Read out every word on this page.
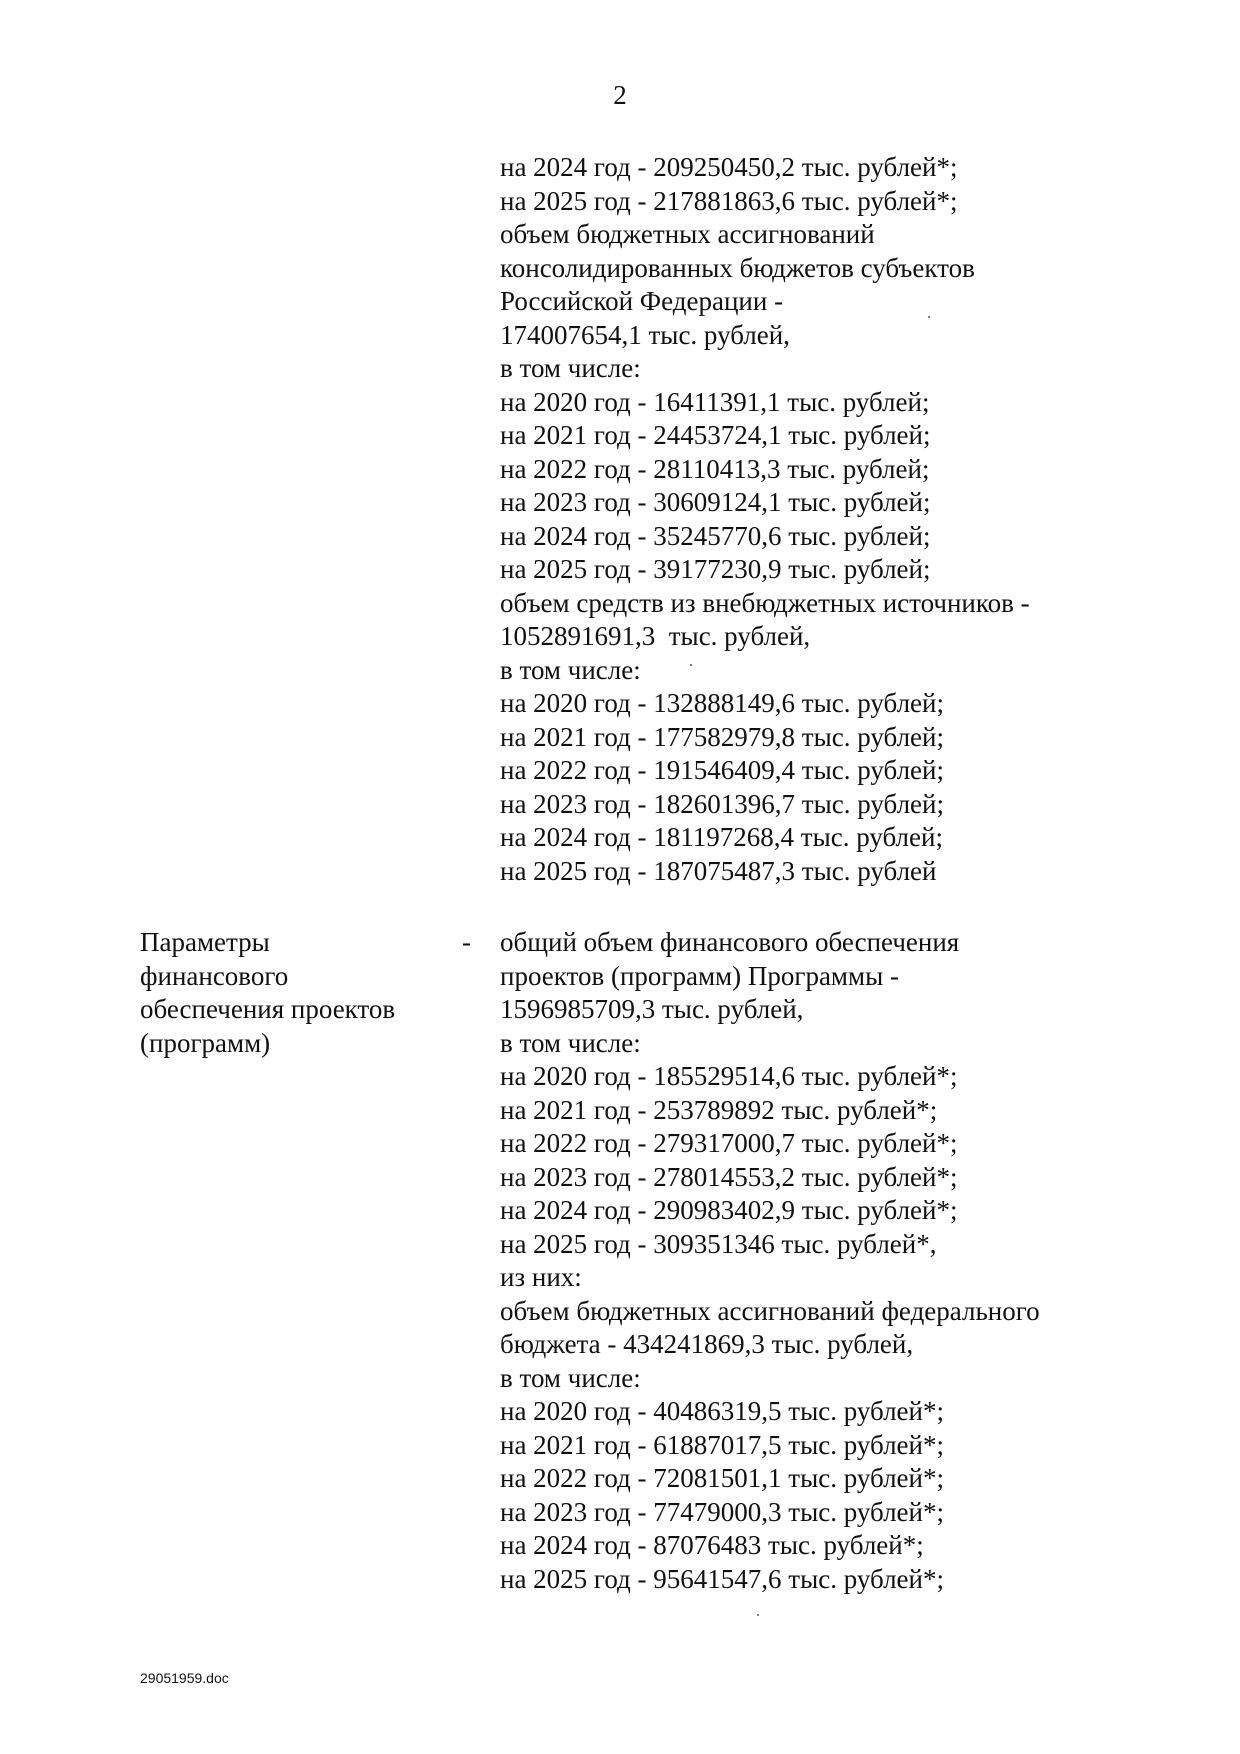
2
на 2024 год - 209250450,2 тыс. рублей*;
на 2025 год - 217881863,6 тыс. рублей*;
объем бюджетных ассигнований
консолидированных бюджетов субъектов
Российской Федерации -
174007654,1 тыс. рублей,
в том числе:
на 2020 год - 16411391,1 тыс. рублей;
на 2021 год - 24453724,1 тыс. рублей;
на 2022 год - 28110413,3 тыс. рублей;
на 2023 год - 30609124,1 тыс. рублей;
на 2024 год - 35245770,6 тыс. рублей;
на 2025 год - 39177230,9 тыс. рублей;
объем средств из внебюджетных источников -
1052891691,3  тыс. рублей,
в том числе:
на 2020 год - 132888149,6 тыс. рублей;
на 2021 год - 177582979,8 тыс. рублей;
на 2022 год - 191546409,4 тыс. рублей;
на 2023 год - 182601396,7 тыс. рублей;
на 2024 год - 181197268,4 тыс. рублей;
на 2025 год - 187075487,3 тыс. рублей
Параметры
финансового
обеспечения проектов
(программ)
- общий объем финансового обеспечения
проектов (программ) Программы -
1596985709,3 тыс. рублей,
в том числе:
на 2020 год - 185529514,6 тыс. рублей*;
на 2021 год - 253789892 тыс. рублей*;
на 2022 год - 279317000,7 тыс. рублей*;
на 2023 год - 278014553,2 тыс. рублей*;
на 2024 год - 290983402,9 тыс. рублей*;
на 2025 год - 309351346 тыс. рублей*,
из них:
объем бюджетных ассигнований федерального
бюджета - 434241869,3 тыс. рублей,
в том числе:
на 2020 год - 40486319,5 тыс. рублей*;
на 2021 год - 61887017,5 тыс. рублей*;
на 2022 год - 72081501,1 тыс. рублей*;
на 2023 год - 77479000,3 тыс. рублей*;
на 2024 год - 87076483 тыс. рублей*;
на 2025 год - 95641547,6 тыс. рублей*;
29051959.doc
